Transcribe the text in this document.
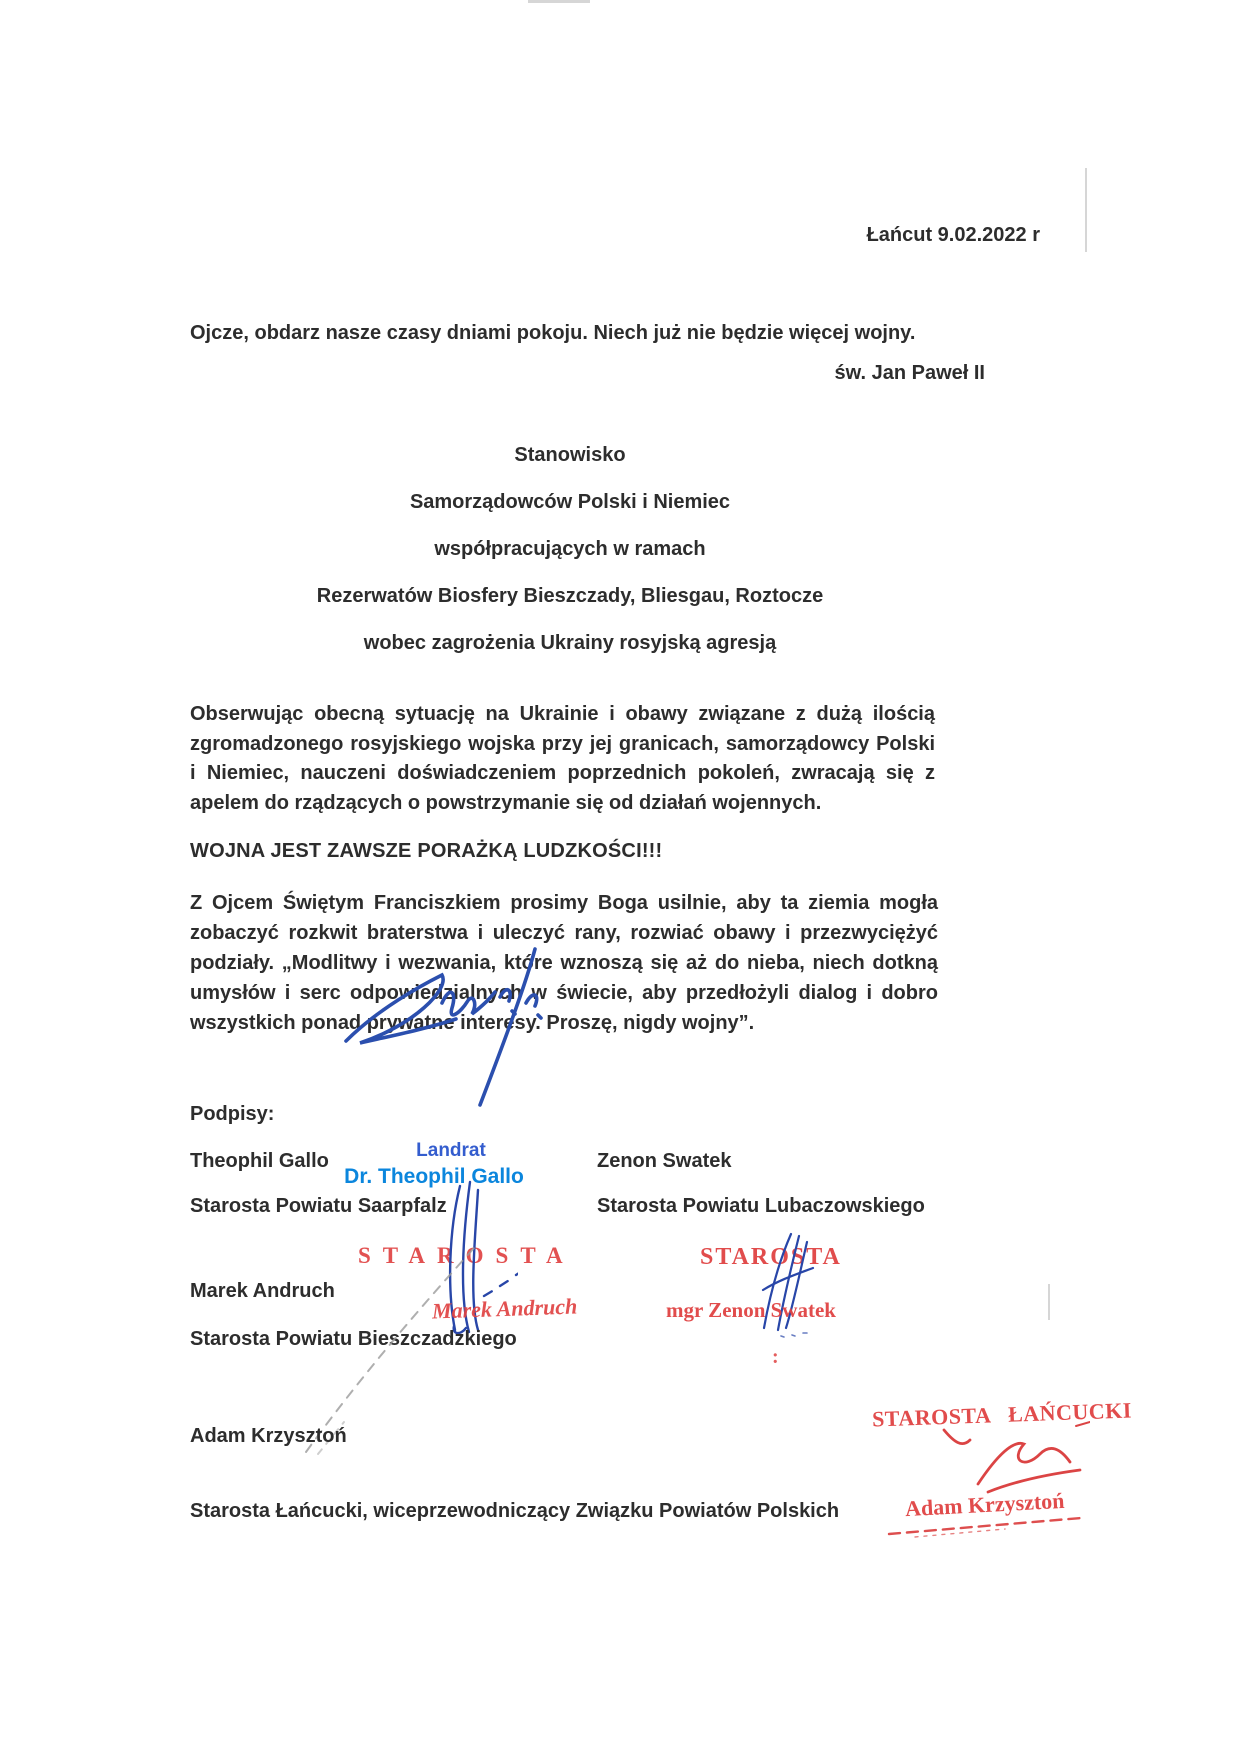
Łańcut 9.02.2022 r
Ojcze, obdarz nasze czasy dniami pokoju. Niech już nie będzie więcej wojny.
św. Jan Paweł II
Stanowisko
Samorządowców Polski i Niemiec
współpracujących w ramach
Rezerwatów Biosfery Bieszczady, Bliesgau, Roztocze
wobec zagrożenia Ukrainy rosyjską agresją
Obserwując obecną sytuację na Ukrainie i obawy związane z dużą ilością zgromadzonego rosyjskiego wojska przy jej granicach, samorządowcy Polski i Niemiec, nauczeni doświadczeniem poprzednich pokoleń, zwracają się z apelem do rządzących o powstrzymanie się od działań wojennych.
WOJNA JEST ZAWSZE PORAŻKĄ LUDZKOŚCI!!!
Z Ojcem Świętym Franciszkiem prosimy Boga usilnie, aby ta ziemia mogła zobaczyć rozkwit braterstwa i uleczyć rany, rozwiać obawy i przezwyciężyć podziały. „Modlitwy i wezwania, które wznoszą się aż do nieba, niech dotkną umysłów i serc odpowiedzialnych w świecie, aby przedłożyli dialog i dobro wszystkich ponad prywatne interesy. Proszę, nigdy wojny”.
Podpisy:
Landrat
Dr. Theophil Gallo
Theophil Gallo	Zenon Swatek
Starosta Powiatu Saarpfalz	Starosta Powiatu Lubaczowskiego
STAROSTA
Marek Andruch
Marek Andruch
Starosta Powiatu Bieszczadzkiego
STAROSTA
mgr Zenon Swatek
:
Adam Krzysztoń
Starosta Łańcucki, wiceprzewodniczący Związku Powiatów Polskich
STAROSTA ŁAŃCUCKI
Adam Krzysztoń
